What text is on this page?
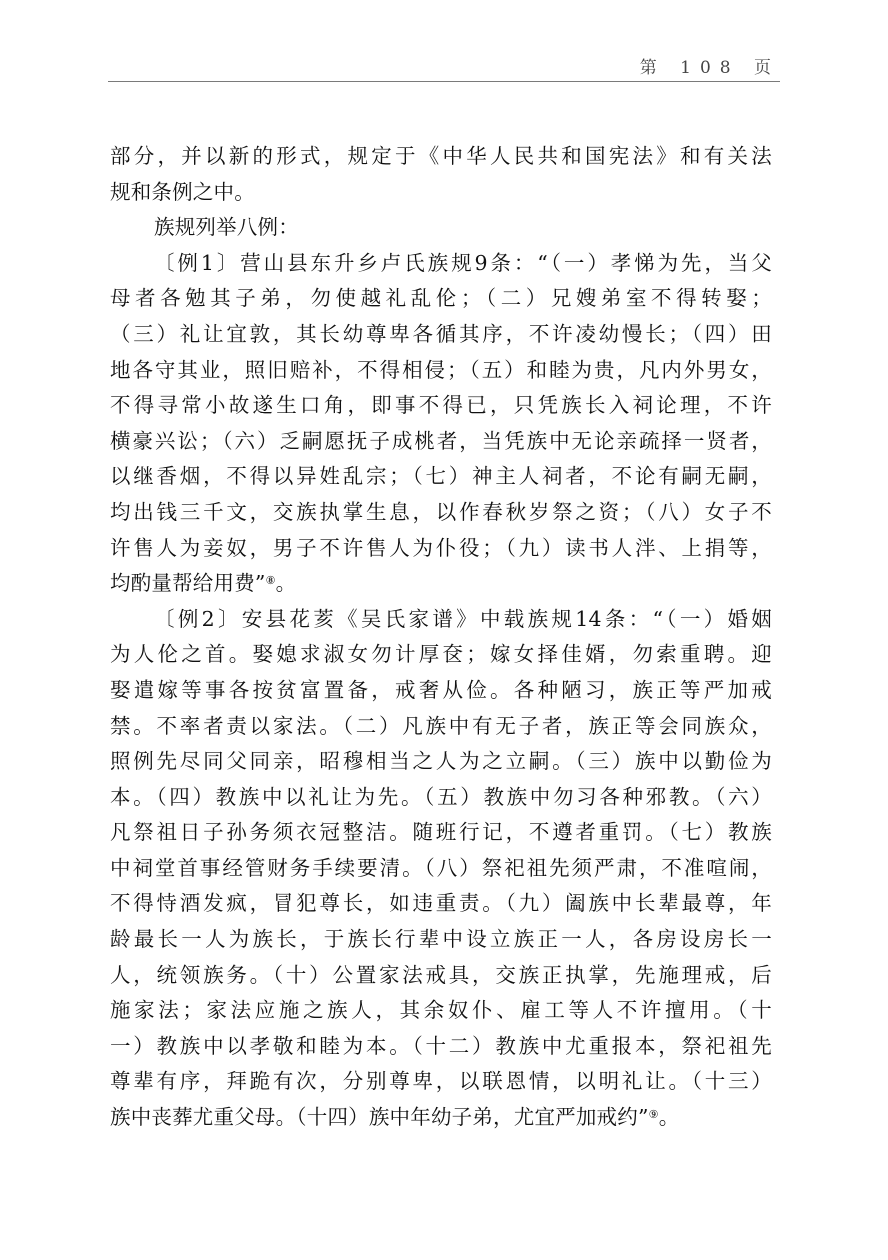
第 108 页
部分，并以新的形式，规定于《中华人民共和国宪法》和有关法
规和条例之中。
族规列举八例：
〔例1〕营山县东升乡卢氏族规9条：“（一）孝悌为先，当父
母者各勉其子弟，勿使越礼乱伦；（二）兄嫂弟室不得转娶；
（三）礼让宜敦，其长幼尊卑各循其序，不许凌幼慢长；（四）田
地各守其业，照旧赔补，不得相侵；（五）和睦为贵，凡内外男女，
不得寻常小故遂生口角，即事不得已，只凭族长入祠论理，不许
横豪兴讼；（六）乏嗣愿抚子成桃者，当凭族中无论亲疏择一贤者，
以继香烟，不得以异姓乱宗；（七）神主人祠者，不论有嗣无嗣，
均出钱三千文，交族执掌生息，以作春秋岁祭之资；（八）女子不
许售人为妾奴，男子不许售人为仆役；（九）读书人泮、上捐等，
均酌量帮给用费”⑧。
〔例2〕安县花荄《吴氏家谱》中载族规14条：“（一）婚姻
为人伦之首。娶媳求淑女勿计厚奁；嫁女择佳婿，勿索重聘。迎
娶遣嫁等事各按贫富置备，戒奢从俭。各种陋习，族正等严加戒
禁。不率者责以家法。（二）凡族中有无子者，族正等会同族众，
照例先尽同父同亲，昭穆相当之人为之立嗣。（三）族中以勤俭为
本。（四）教族中以礼让为先。（五）教族中勿习各种邪教。（六）
凡祭祖日子孙务须衣冠整洁。随班行记，不遵者重罚。（七）教族
中祠堂首事经管财务手续要清。（八）祭祀祖先须严肃，不准喧闹，
不得恃酒发疯，冒犯尊长，如违重责。（九）阖族中长辈最尊，年
龄最长一人为族长，于族长行辈中设立族正一人，各房设房长一
人，统领族务。（十）公置家法戒具，交族正执掌，先施理戒，后
施家法；家法应施之族人，其余奴仆、雇工等人不许擅用。（十
一）教族中以孝敬和睦为本。（十二）教族中尤重报本，祭祀祖先
尊辈有序，拜跪有次，分别尊卑，以联恩情，以明礼让。（十三）
族中丧葬尤重父母。（十四）族中年幼子弟，尤宜严加戒约”⑨。
